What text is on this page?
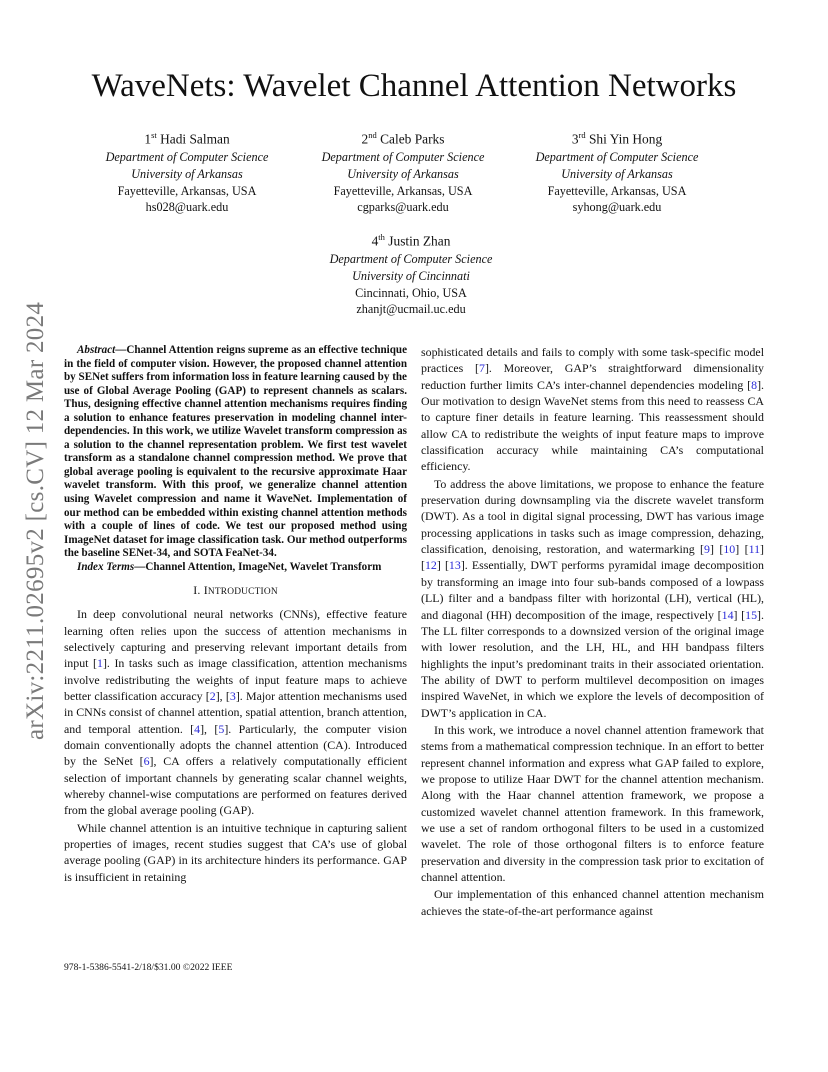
arXiv:2211.02695v2 [cs.CV] 12 Mar 2024
WaveNets: Wavelet Channel Attention Networks
1st Hadi Salman
Department of Computer Science
University of Arkansas
Fayetteville, Arkansas, USA
hs028@uark.edu
2nd Caleb Parks
Department of Computer Science
University of Arkansas
Fayetteville, Arkansas, USA
cgparks@uark.edu
3rd Shi Yin Hong
Department of Computer Science
University of Arkansas
Fayetteville, Arkansas, USA
syhong@uark.edu
4th Justin Zhan
Department of Computer Science
University of Cincinnati
Cincinnati, Ohio, USA
zhanjt@ucmail.uc.edu

Abstract—Channel Attention reigns supreme as an effective technique in the field of computer vision. However, the proposed channel attention by SENet suffers from information loss in feature learning caused by the use of Global Average Pooling (GAP) to represent channels as scalars. Thus, designing effective channel attention mechanisms requires finding a solution to enhance features preservation in modeling channel inter-dependencies. In this work, we utilize Wavelet transform compression as a solution to the channel representation problem. We first test wavelet transform as a standalone channel compression method. We prove that global average pooling is equivalent to the recursive approximate Haar wavelet transform. With this proof, we generalize channel attention using Wavelet compression and name it WaveNet. Implementation of our method can be embedded within existing channel attention methods with a couple of lines of code. We test our proposed method using ImageNet dataset for image classification task. Our method outperforms the baseline SENet-34, and SOTA FeaNet-34.

Index Terms—Channel Attention, ImageNet, Wavelet Transform

I. INTRODUCTION

In deep convolutional neural networks (CNNs), effective feature learning often relies upon the success of attention mechanisms in selectively capturing and preserving relevant important details from input [1]. In tasks such as image classification, attention mechanisms involve redistributing the weights of input feature maps to achieve better classification accuracy [2], [3]. Major attention mechanisms used in CNNs consist of channel attention, spatial attention, branch attention, and temporal attention. [4], [5]. Particularly, the computer vision domain conventionally adopts the channel attention (CA). Introduced by the SeNet [6], CA offers a relatively computationally efficient selection of important channels by generating scalar channel weights, whereby channel-wise computations are performed on features derived from the global average pooling (GAP).

While channel attention is an intuitive technique in capturing salient properties of images, recent studies suggest that CA’s use of global average pooling (GAP) in its architecture hinders its performance. GAP is insufficient in retaining

sophisticated details and fails to comply with some task-specific model practices [7]. Moreover, GAP’s straightforward dimensionality reduction further limits CA’s inter-channel dependencies modeling [8]. Our motivation to design WaveNet stems from this need to reassess CA to capture finer details in feature learning. This reassessment should allow CA to redistribute the weights of input feature maps to improve classification accuracy while maintaining CA’s computational efficiency.

To address the above limitations, we propose to enhance the feature preservation during downsampling via the discrete wavelet transform (DWT). As a tool in digital signal processing, DWT has various image processing applications in tasks such as image compression, dehazing, classification, denoising, restoration, and watermarking [9] [10] [11] [12] [13]. Essentially, DWT performs pyramidal image decomposition by transforming an image into four sub-bands composed of a lowpass (LL) filter and a bandpass filter with horizontal (LH), vertical (HL), and diagonal (HH) decomposition of the image, respectively [14] [15]. The LL filter corresponds to a downsized version of the original image with lower resolution, and the LH, HL, and HH bandpass filters highlights the input’s predominant traits in their associated orientation. The ability of DWT to perform multilevel decomposition on images inspired WaveNet, in which we explore the levels of decomposition of DWT’s application in CA.

In this work, we introduce a novel channel attention framework that stems from a mathematical compression technique. In an effort to better represent channel information and express what GAP failed to explore, we propose to utilize Haar DWT for the channel attention mechanism. Along with the Haar channel attention framework, we propose a customized wavelet channel attention framework. In this framework, we use a set of random orthogonal filters to be used in a customized wavelet. The role of those orthogonal filters is to enforce feature preservation and diversity in the compression task prior to excitation of channel attention.

Our implementation of this enhanced channel attention mechanism achieves the state-of-the-art performance against

978-1-5386-5541-2/18/$31.00 ©2022 IEEE
